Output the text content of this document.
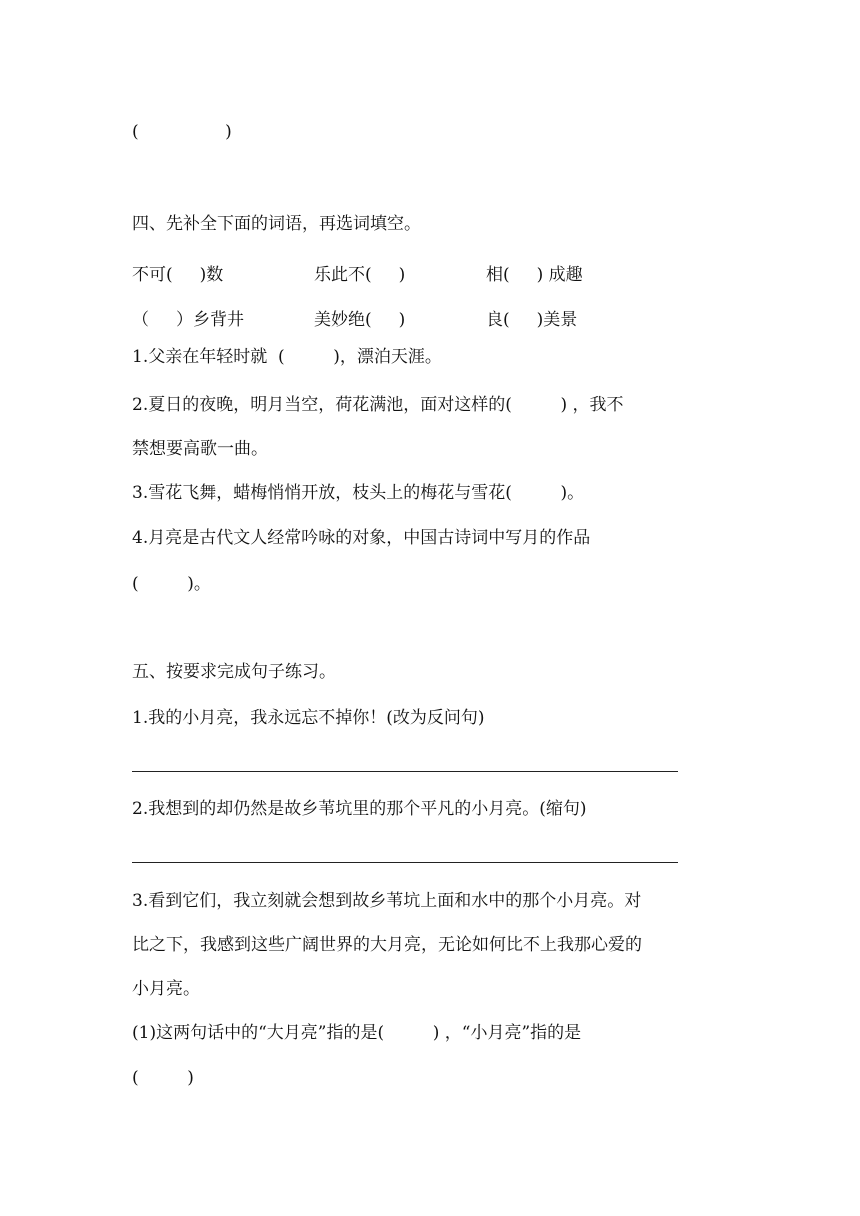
(                )
四、先补全下面的词语，再选词填空。
不可(     )数	乐此不(     )	相(     ) 成趣
（     ）乡背井	美妙绝(     )	良(     )美景
1.父亲在年轻时就  (         )，漂泊天涯。
2.夏日的夜晚，明月当空，荷花满池，面对这样的(         ) ，我不
禁想要高歌一曲。
3.雪花飞舞，蜡梅悄悄开放，枝头上的梅花与雪花(         )。
4.月亮是古代文人经常吟咏的对象，中国古诗词中写月的作品
(         )。
五、按要求完成句子练习。
1.我的小月亮，我永远忘不掉你！(改为反问句)
2.我想到的却仍然是故乡苇坑里的那个平凡的小月亮。(缩句)
3.看到它们，我立刻就会想到故乡苇坑上面和水中的那个小月亮。对
比之下，我感到这些广阔世界的大月亮，无论如何比不上我那心爱的
小月亮。
(1)这两句话中的“大月亮”指的是(         ) ，“小月亮”指的是
(         )
